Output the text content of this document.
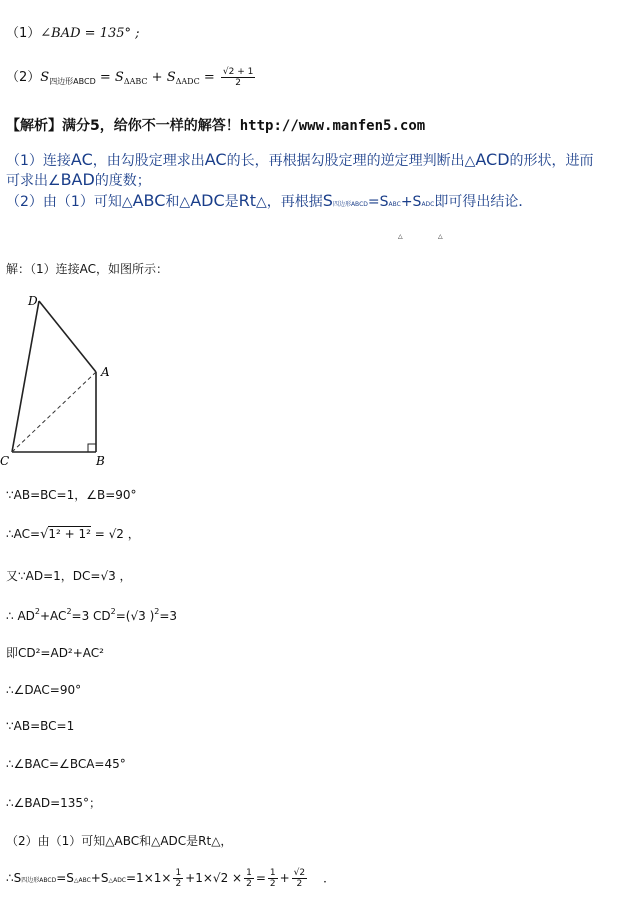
（1）∠BAD = 135° ;
$(2)S_{四边形ABCD} = S_{\Delta ABC} + S_{\Delta ADC} = \frac{√2 + 1}{2}$
【解析】满分5，给你不一样的解答！http://www.manfen5.com
（1）连接AC，由勾股定理求出AC的长，再根据勾股定理的逆定理判断出△ACD的形状，进而
可求出∠BAD的度数；
（2）由（1）可知△ABC和△ADC是Rt△，再根据S四边形ABCD=SABC+SADC即可得出结论．
△	△
解：（1）连接AC，如图所示：
D
A
C	B
∵AB=BC=1，∠B=90°
∴AC=√1² + 1² = √2 ，
又∵AD=1，DC=√3 ，
∴ $AD^2+AC^2=3$ $CD^2=(√3$ )$^2$=3
即CD²=AD²+AC²
∴∠DAC=90°
∵AB=BC=1
∴∠BAC=∠BCA=45°
∴∠BAD=135°；
（2）由（1）可知△ABC和△ADC是Rt△，
∴S四边形ABCD=S△ABC+S△ADC=1×1× $\frac{1}{2} +1\times√2 \times \frac{1}{2} = \frac{1}{2} + \frac{√2}{2}$ ．
